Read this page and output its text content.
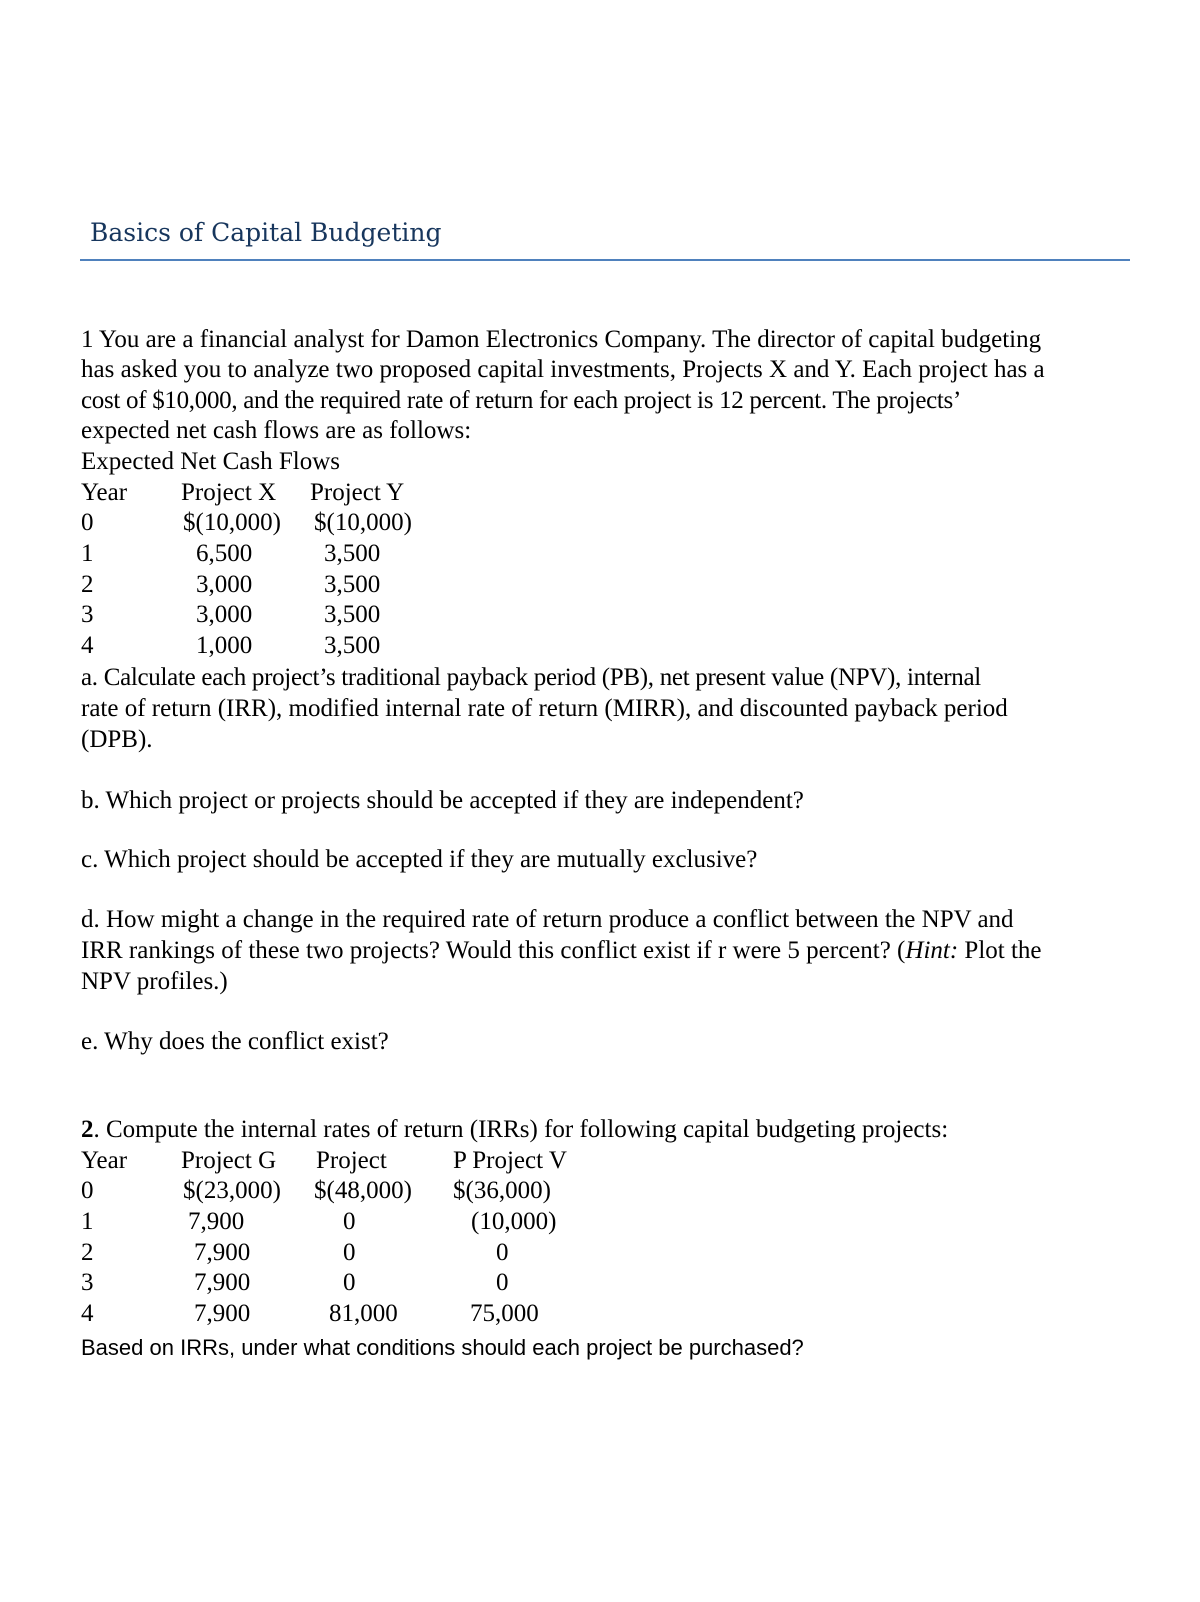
Basics of Capital Budgeting
1 You are a financial analyst for Damon Electronics Company. The director of capital budgeting
has asked you to analyze two proposed capital investments, Projects X and Y. Each project has a
cost of $10,000, and the required rate of return for each project is 12 percent. The projects’
expected net cash flows are as follows:
Expected Net Cash Flows
Year Project X Project Y
0	$(10,000) $(10,000)
1	6,500	3,500
2	3,000	3,500
3	3,000	3,500
4	1,000	3,500
a. Calculate each project’s traditional payback period (PB), net present value (NPV), internal
rate of return (IRR), modified internal rate of return (MIRR), and discounted payback period
(DPB).
b. Which project or projects should be accepted if they are independent?
c. Which project should be accepted if they are mutually exclusive?
d. How might a change in the required rate of return produce a conflict between the NPV and
IRR rankings of these two projects? Would this conflict exist if r were 5 percent? (Hint: Plot the
NPV profiles.)
e. Why does the conflict exist?
2. Compute the internal rates of return (IRRs) for following capital budgeting projects:
Year Project G Project	P Project V
0	$(23,000) $(48,000) $(36,000)
1	7,900	0	(10,000)
2	7,900	0	0
3	7,900	0	0
4	7,900	81,000	75,000
Based on IRRs, under what conditions should each project be purchased?
